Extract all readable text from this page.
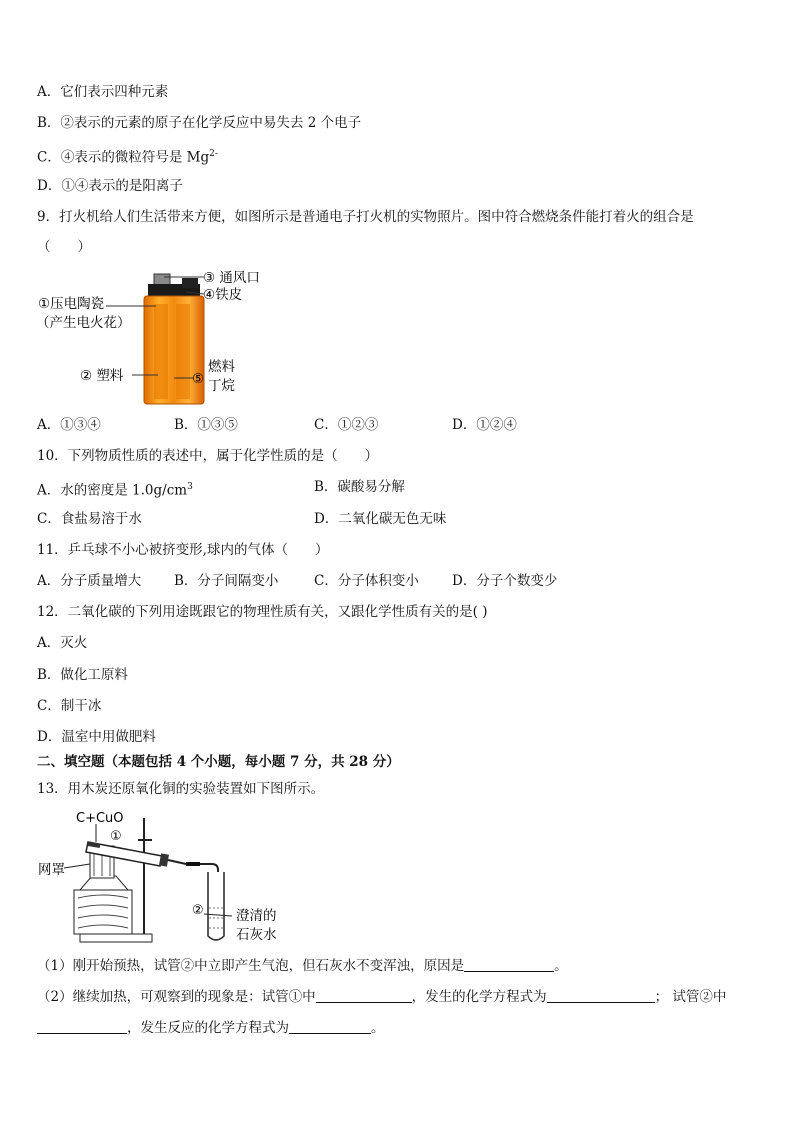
A．它们表示四种元素
B．②表示的元素的原子在化学反应中易失去 2 个电子
C．④表示的微粒符号是 $Mg^{2-}$
D．①④表示的是阳离子
9．打火机给人们生活带来方便，如图所示是普通电子打火机的实物照片。图中符合燃烧条件能打着火的组合是
（　　）
③ 通风口
④铁皮
①压电陶瓷
（产生电火花）
② 塑料
燃料
⑤ 丁烷
A．①③④	B．①③⑤	C．①②③	D．①②④
10．下列物质性质的表述中，属于化学性质的是（　　）
A．水的密度是 $1.0g/cm^3$	B．碳酸易分解
C．食盐易溶于水	D．二氧化碳无色无味
11．乒乓球不小心被挤变形,球内的气体（　　）
A．分子质量增大 B．分子间隔变小	C．分子体积变小 D．分子个数变少
12．二氧化碳的下列用途既跟它的物理性质有关，又跟化学性质有关的是( )
A．灭火
B．做化工原料
C．制干冰
D．温室中用做肥料
二、填空题（本题包括 4 个小题，每小题 7 分，共 28 分）
13．用木炭还原氧化铜的实验装置如下图所示。
C+CuO
①
网罩
② 澄清的
石灰水
（1）刚开始预热，试管②中立即产生气泡，但石灰水不变浑浊，原因是	。
（2）继续加热，可观察到的现象是：试管①中	，发生的化学方程式为	； 试管②中
，发生反应的化学方程式为	。
